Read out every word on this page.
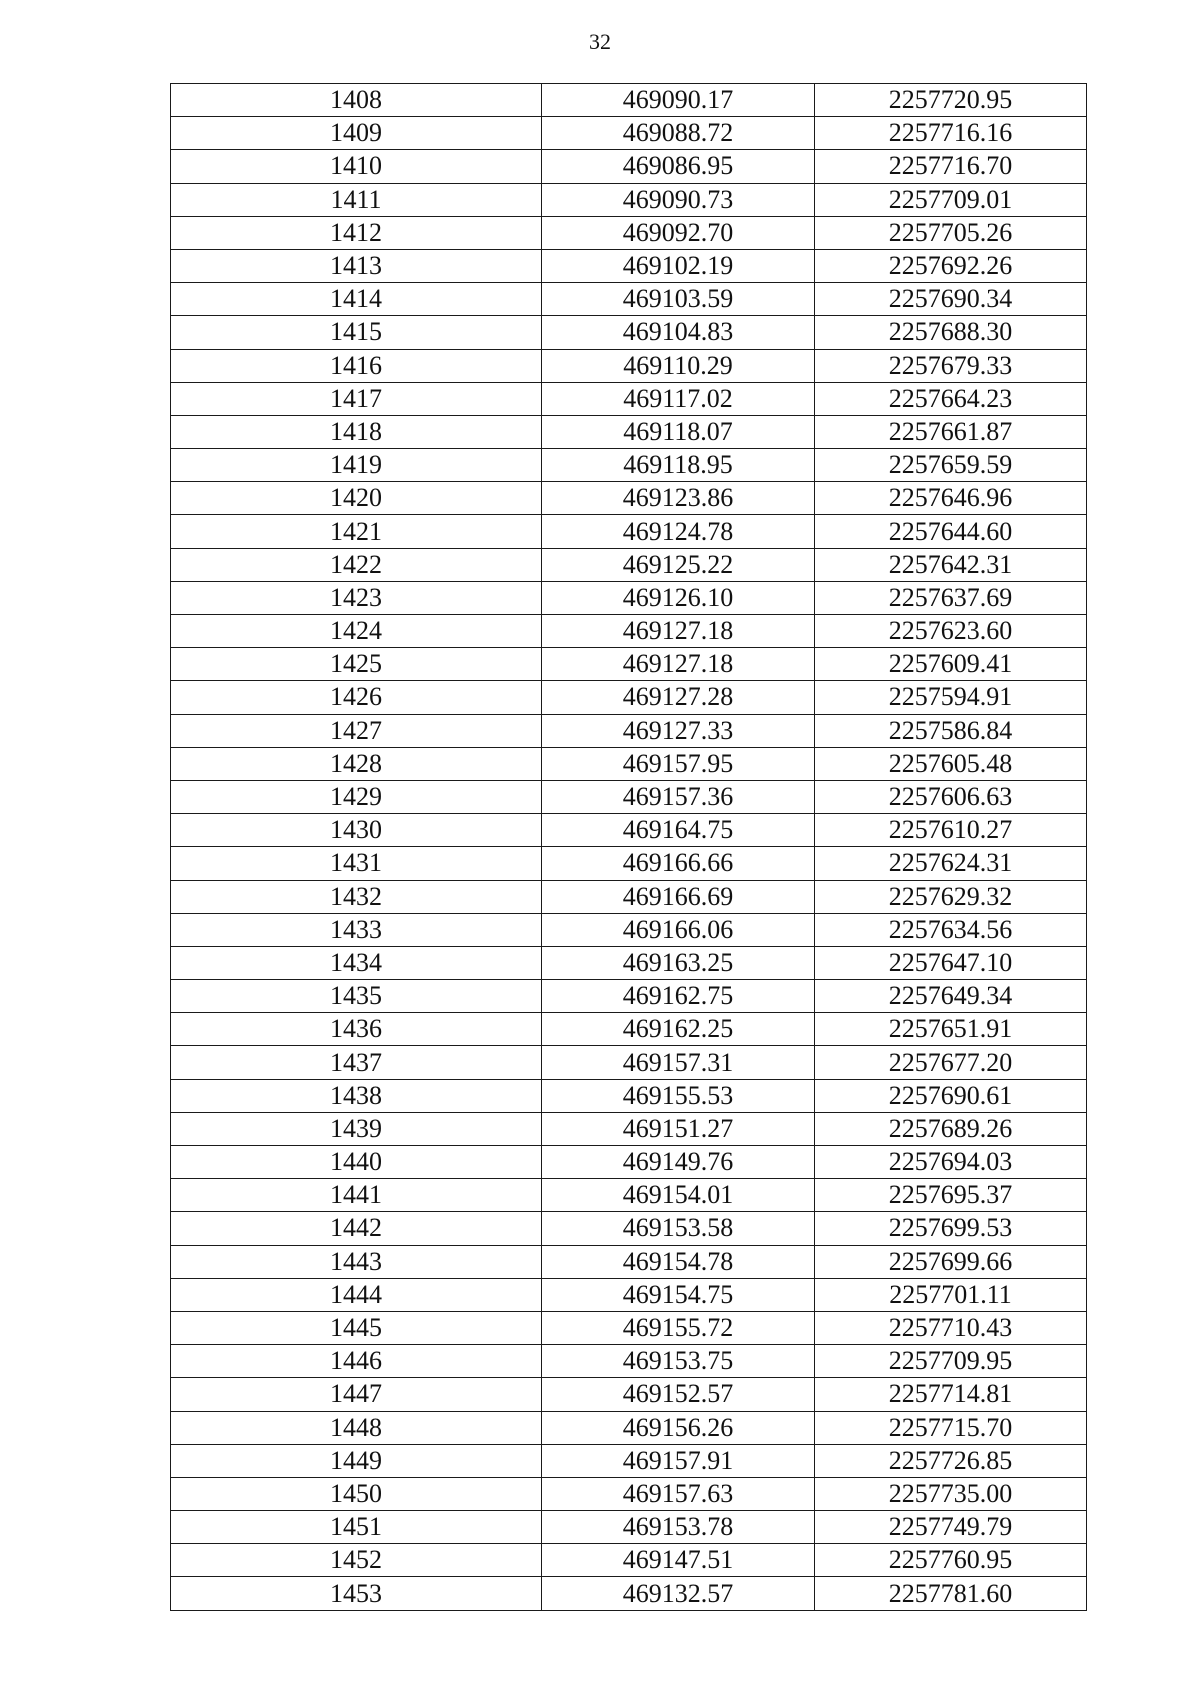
32
1408	469090.17	2257720.95
1409	469088.72	2257716.16
1410	469086.95	2257716.70
1411	469090.73	2257709.01
1412	469092.70	2257705.26
1413	469102.19	2257692.26
1414	469103.59	2257690.34
1415	469104.83	2257688.30
1416	469110.29	2257679.33
1417	469117.02	2257664.23
1418	469118.07	2257661.87
1419	469118.95	2257659.59
1420	469123.86	2257646.96
1421	469124.78	2257644.60
1422	469125.22	2257642.31
1423	469126.10	2257637.69
1424	469127.18	2257623.60
1425	469127.18	2257609.41
1426	469127.28	2257594.91
1427	469127.33	2257586.84
1428	469157.95	2257605.48
1429	469157.36	2257606.63
1430	469164.75	2257610.27
1431	469166.66	2257624.31
1432	469166.69	2257629.32
1433	469166.06	2257634.56
1434	469163.25	2257647.10
1435	469162.75	2257649.34
1436	469162.25	2257651.91
1437	469157.31	2257677.20
1438	469155.53	2257690.61
1439	469151.27	2257689.26
1440	469149.76	2257694.03
1441	469154.01	2257695.37
1442	469153.58	2257699.53
1443	469154.78	2257699.66
1444	469154.75	2257701.11
1445	469155.72	2257710.43
1446	469153.75	2257709.95
1447	469152.57	2257714.81
1448	469156.26	2257715.70
1449	469157.91	2257726.85
1450	469157.63	2257735.00
1451	469153.78	2257749.79
1452	469147.51	2257760.95
1453	469132.57	2257781.60
